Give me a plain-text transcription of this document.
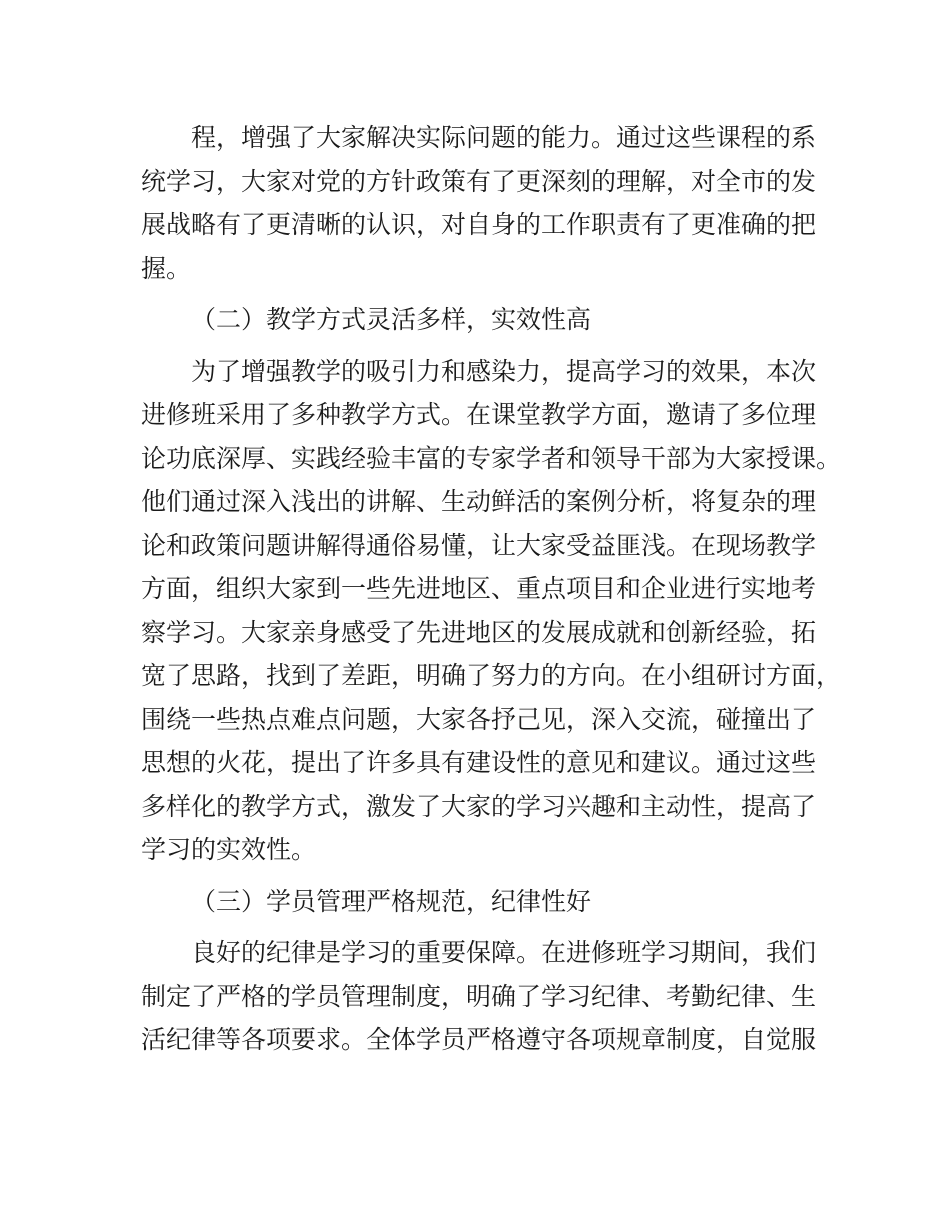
程，增强了大家解决实际问题的能力。通过这些课程的系
统学习，大家对党的方针政策有了更深刻的理解，对全市的发
展战略有了更清晰的认识，对自身的工作职责有了更准确的把
握。

（二）教学方式灵活多样，实效性高

为了增强教学的吸引力和感染力，提高学习的效果，本次
进修班采用了多种教学方式。在课堂教学方面，邀请了多位理
论功底深厚、实践经验丰富的专家学者和领导干部为大家授课。
他们通过深入浅出的讲解、生动鲜活的案例分析，将复杂的理
论和政策问题讲解得通俗易懂，让大家受益匪浅。在现场教学
方面，组织大家到一些先进地区、重点项目和企业进行实地考
察学习。大家亲身感受了先进地区的发展成就和创新经验，拓
宽了思路，找到了差距，明确了努力的方向。在小组研讨方面，
围绕一些热点难点问题，大家各抒己见，深入交流，碰撞出了
思想的火花，提出了许多具有建设性的意见和建议。通过这些
多样化的教学方式，激发了大家的学习兴趣和主动性，提高了
学习的实效性。

（三）学员管理严格规范，纪律性好

良好的纪律是学习的重要保障。在进修班学习期间，我们
制定了严格的学员管理制度，明确了学习纪律、考勤纪律、生
活纪律等各项要求。全体学员严格遵守各项规章制度，自觉服
